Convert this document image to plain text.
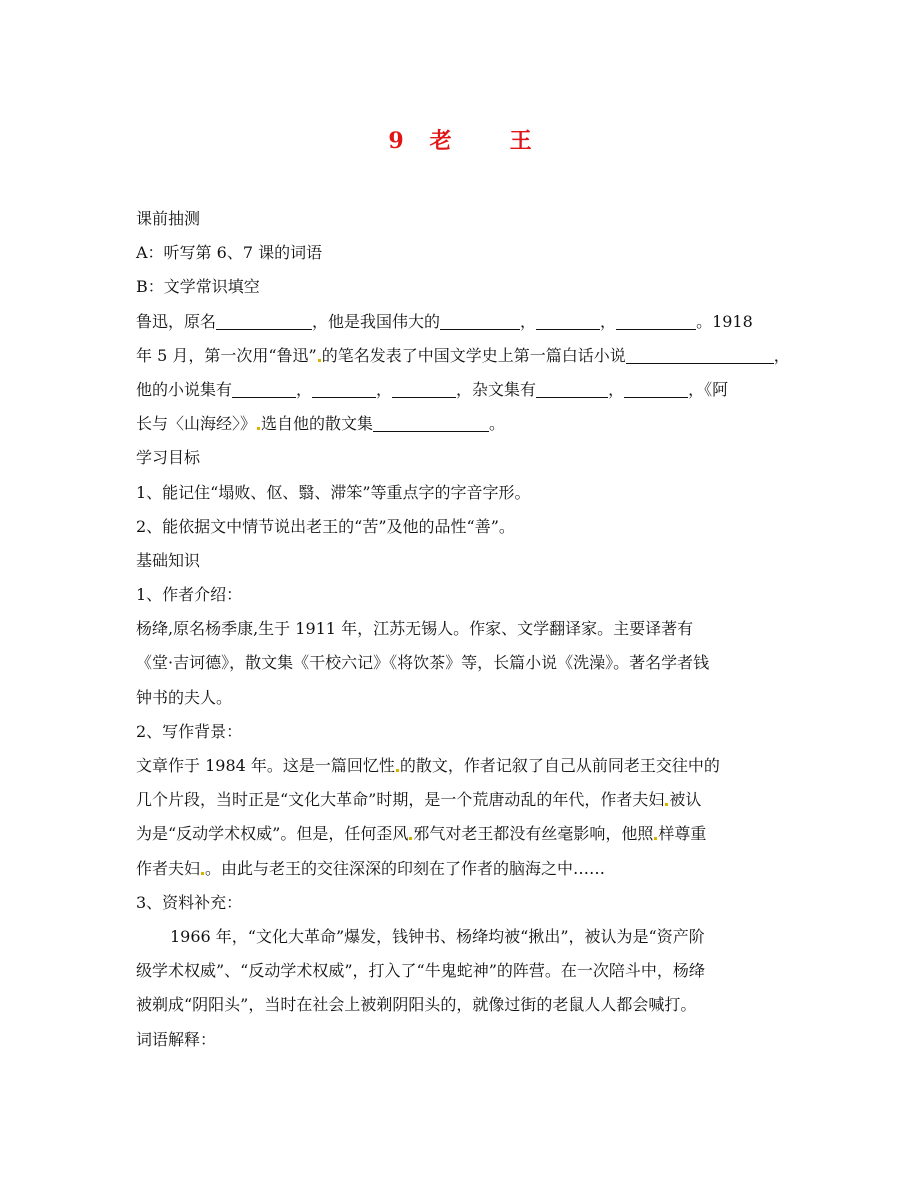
9 老	王
课前抽测
A：听写第 6、7 课的词语
B：文学常识填空
鲁迅，原名	，他是我国伟大的	，	，	。1918
年 5 月，第一次用“鲁迅” 的笔名发表了中国文学史上第一篇白话小说	，
他的小说集有	，	，	，杂文集有	，	，《阿
长与〈山海经〉》 选自他的散文集	。
学习目标
1、能记住“塌败、伛、翳、滞笨”等重点字的字音字形。
2、能依据文中情节说出老王的“苦”及他的品性“善”。
基础知识
1、作者介绍：
杨绛,原名杨季康,生于 1911 年，江苏无锡人。作家、文学翻译家。主要译著有
《堂·吉诃德》，散文集《干校六记》《将饮茶》等，长篇小说《洗澡》。著名学者钱
钟书的夫人。
2、写作背景：
文章作于 1984 年。这是一篇回忆性 的散文，作者记叙了自己从前同老王交往中的
几个片段，当时正是“文化大革命”时期，是一个荒唐动乱的年代，作者夫妇 被认
为是“反动学术权威”。但是，任何歪风 邪气对老王都没有丝毫影响，他照 样尊重
作者夫妇 。由此与老王的交往深深的印刻在了作者的脑海之中……
3、资料补充：
1966 年，“文化大革命”爆发，钱钟书、杨绛均被“揪出”，被认为是“资产阶
级学术权威”、“反动学术权威”，打入了“牛鬼蛇神”的阵营。在一次陪斗中，杨绛
被剃成“阴阳头”，当时在社会上被剃阴阳头的，就像过街的老鼠人人都会喊打。
词语解释：
